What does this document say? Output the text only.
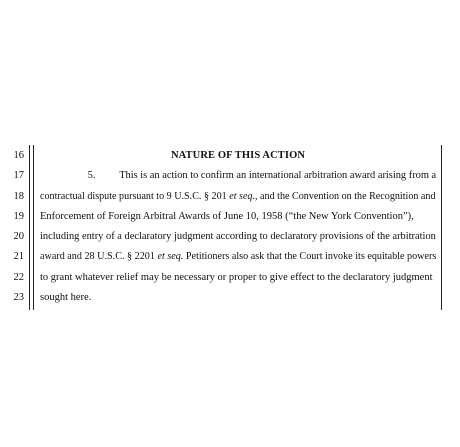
16
17
18
19
20
21
22
23
NATURE OF THIS ACTION
5. This is an action to confirm an international arbitration award arising from a
contractual dispute pursuant to 9 U.S.C. § 201 et seq., and the Convention on the Recognition and
Enforcement of Foreign Arbitral Awards of June 10, 1958 (“the New York Convention”),
including entry of a declaratory judgment according to declaratory provisions of the arbitration
award and 28 U.S.C. § 2201 et seq. Petitioners also ask that the Court invoke its equitable powers
to grant whatever relief may be necessary or proper to give effect to the declaratory judgment
sought here.
